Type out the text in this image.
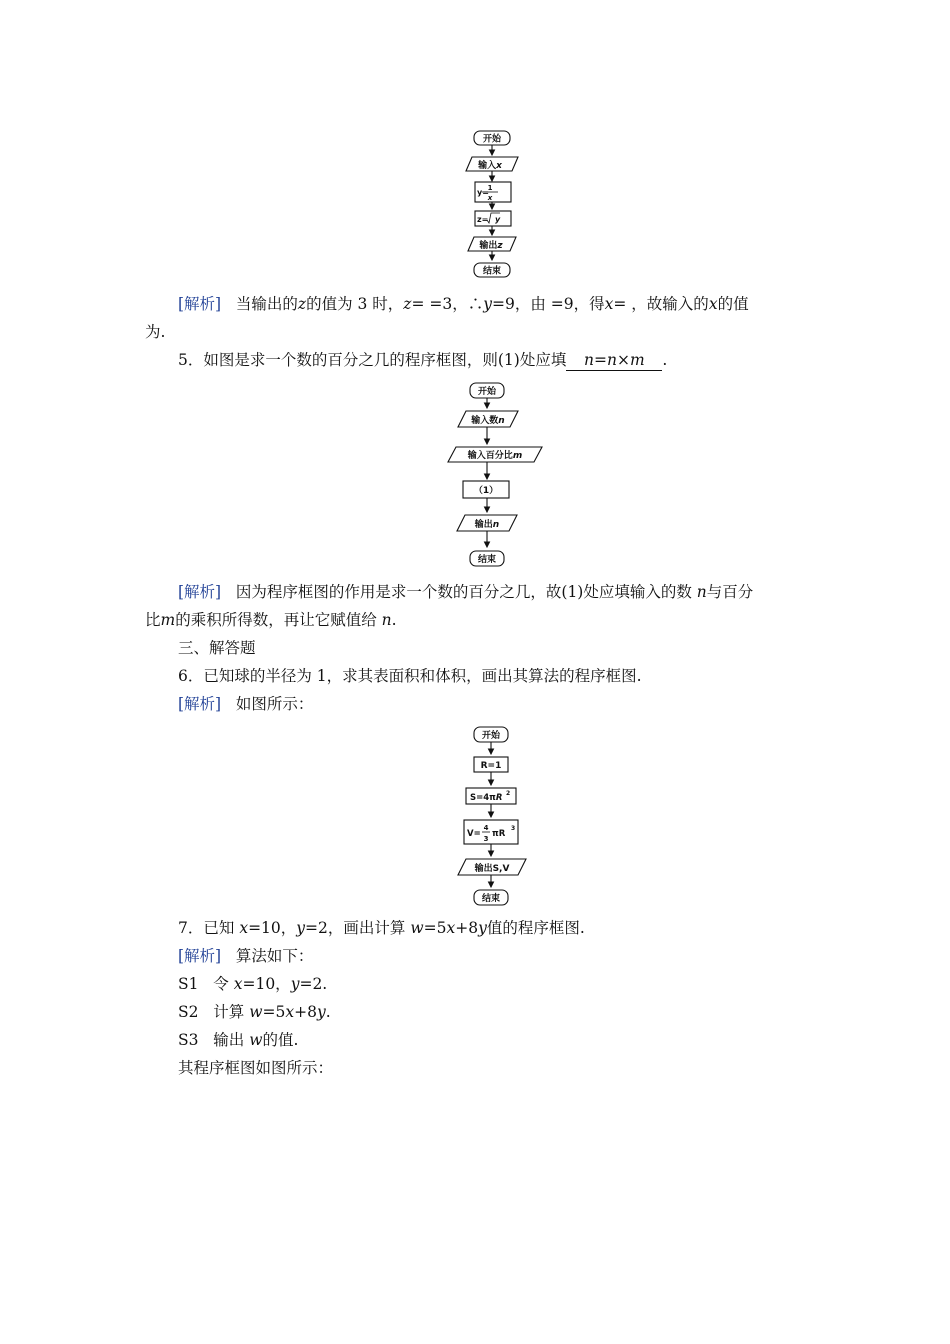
开始
输入x
y=
1
x
z= y
输出z
结束
[解析] 当输出的z的值为 3 时，z= =3，∴y=9，由 =9，得x= ，故输入的x的值
为.
5．如图是求一个数的百分之几的程序框图，则(1)处应填 n=n×m .
开始
输入数n
输入百分比m
（1）
输出n
结束
[解析] 因为程序框图的作用是求一个数的百分之几，故(1)处应填输入的数 n与百分
比m的乘积所得数，再让它赋值给 n.
三、解答题
6．已知球的半径为 1，求其表面积和体积，画出其算法的程序框图.
[解析] 如图所示：
开始
R=1
S=4πR 2
V=
4
3 πR
3
输出S,V
结束
7．已知 x=10，y=2，画出计算 w=5x+8y值的程序框图.
[解析] 算法如下：
S1 令 x=10，y=2.
S2 计算 w=5x+8y.
S3 输出 w的值.
其程序框图如图所示：
